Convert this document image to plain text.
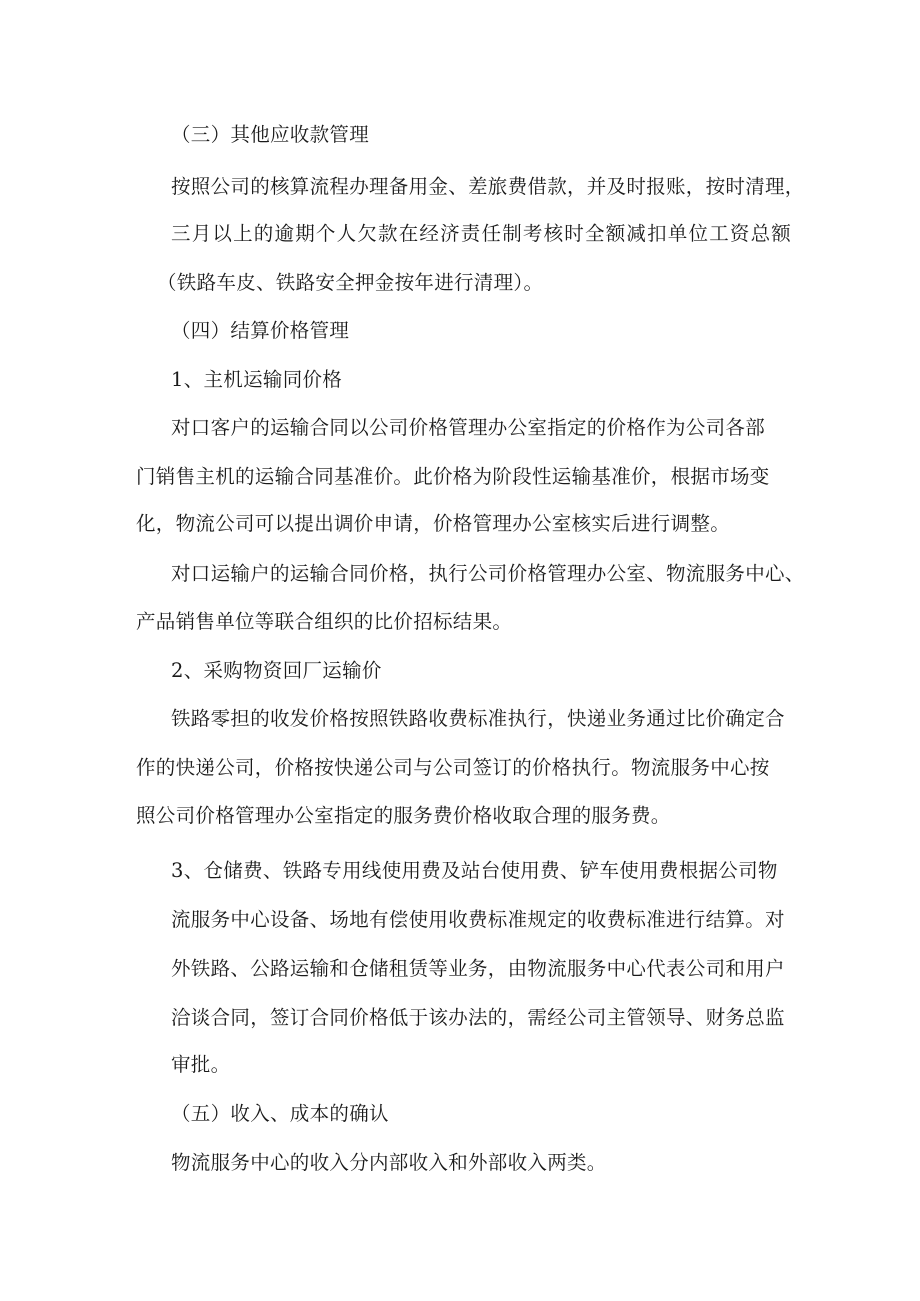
（三）其他应收款管理
按照公司的核算流程办理备用金、差旅费借款，并及时报账，按时清理，
三月以上的逾期个人欠款在经济责任制考核时全额减扣单位工资总额
（铁路车皮、铁路安全押金按年进行清理）。
（四）结算价格管理
1、主机运输同价格
对口客户的运输合同以公司价格管理办公室指定的价格作为公司各部
门销售主机的运输合同基准价。此价格为阶段性运输基准价，根据市场变
化，物流公司可以提出调价申请，价格管理办公室核实后进行调整。
对口运输户的运输合同价格，执行公司价格管理办公室、物流服务中心、
产品销售单位等联合组织的比价招标结果。
2、采购物资回厂运输价
铁路零担的收发价格按照铁路收费标准执行，快递业务通过比价确定合
作的快递公司，价格按快递公司与公司签订的价格执行。物流服务中心按
照公司价格管理办公室指定的服务费价格收取合理的服务费。
3、仓储费、铁路专用线使用费及站台使用费、铲车使用费根据公司物
流服务中心设备、场地有偿使用收费标准规定的收费标准进行结算。对
外铁路、公路运输和仓储租赁等业务，由物流服务中心代表公司和用户
洽谈合同，签订合同价格低于该办法的，需经公司主管领导、财务总监
审批。
（五）收入、成本的确认
物流服务中心的收入分内部收入和外部收入两类。
